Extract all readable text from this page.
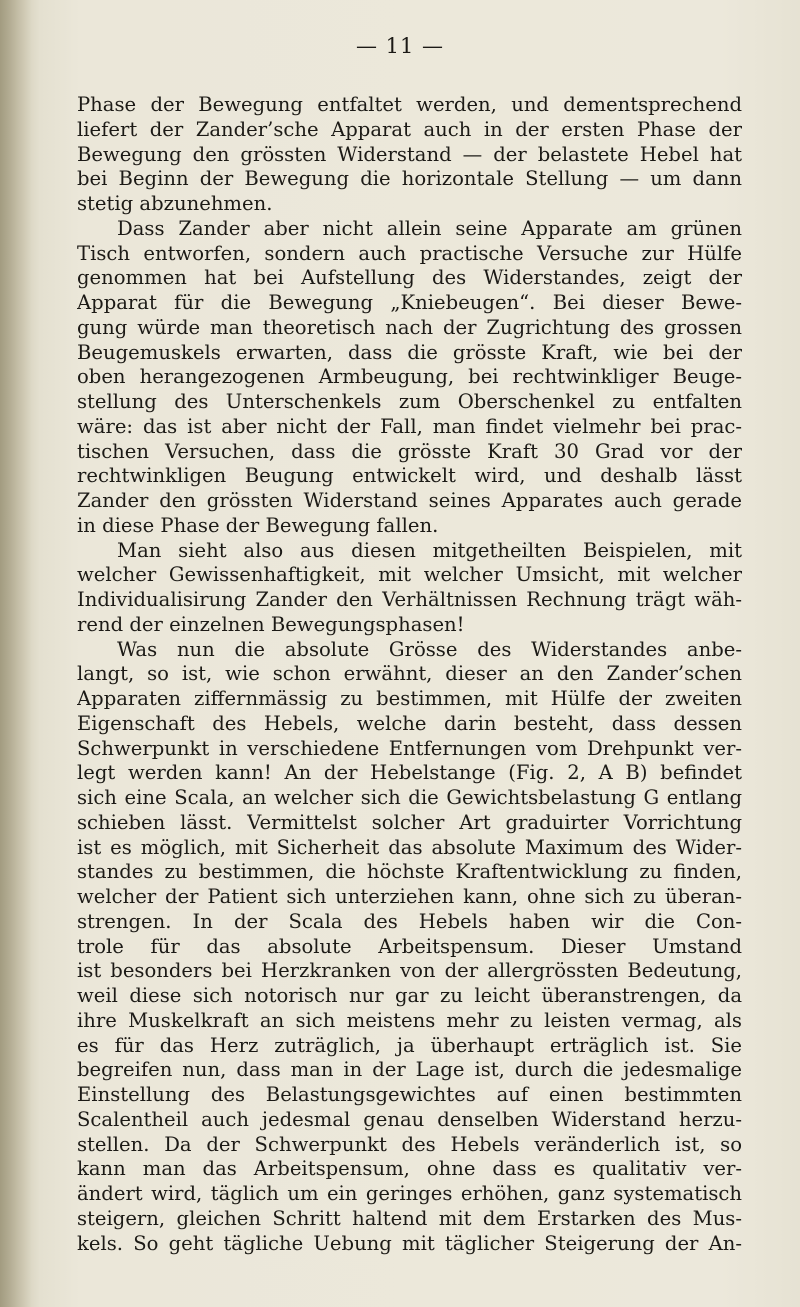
— 11 —
Phase der Bewegung entfaltet werden, und dementsprechend
liefert der Zander’sche Apparat auch in der ersten Phase der
Bewegung den grössten Widerstand — der belastete Hebel hat
bei Beginn der Bewegung die horizontale Stellung — um dann
stetig abzunehmen.
Dass Zander aber nicht allein seine Apparate am grünen
Tisch entworfen, sondern auch practische Versuche zur Hülfe
genommen hat bei Aufstellung des Widerstandes, zeigt der
Apparat für die Bewegung „Kniebeugen“. Bei dieser Bewe-
gung würde man theoretisch nach der Zugrichtung des grossen
Beugemuskels erwarten, dass die grösste Kraft, wie bei der
oben herangezogenen Armbeugung, bei rechtwinkliger Beuge-
stellung des Unterschenkels zum Oberschenkel zu entfalten
wäre: das ist aber nicht der Fall, man findet vielmehr bei prac-
tischen Versuchen, dass die grösste Kraft 30 Grad vor der
rechtwinkligen Beugung entwickelt wird, und deshalb lässt
Zander den grössten Widerstand seines Apparates auch gerade
in diese Phase der Bewegung fallen.
Man sieht also aus diesen mitgetheilten Beispielen, mit
welcher Gewissenhaftigkeit, mit welcher Umsicht, mit welcher
Individualisirung Zander den Verhältnissen Rechnung trägt wäh-
rend der einzelnen Bewegungsphasen!
Was nun die absolute Grösse des Widerstandes anbe-
langt, so ist, wie schon erwähnt, dieser an den Zander’schen
Apparaten ziffernmässig zu bestimmen, mit Hülfe der zweiten
Eigenschaft des Hebels, welche darin besteht, dass dessen
Schwerpunkt in verschiedene Entfernungen vom Drehpunkt ver-
legt werden kann! An der Hebelstange (Fig. 2, A B) befindet
sich eine Scala, an welcher sich die Gewichtsbelastung G entlang
schieben lässt. Vermittelst solcher Art graduirter Vorrichtung
ist es möglich, mit Sicherheit das absolute Maximum des Wider-
standes zu bestimmen, die höchste Kraftentwicklung zu finden,
welcher der Patient sich unterziehen kann, ohne sich zu überan-
strengen. In der Scala des Hebels haben wir die Con-
trole für das absolute Arbeitspensum. Dieser Umstand
ist besonders bei Herzkranken von der allergrössten Bedeutung,
weil diese sich notorisch nur gar zu leicht überanstrengen, da
ihre Muskelkraft an sich meistens mehr zu leisten vermag, als
es für das Herz zuträglich, ja überhaupt erträglich ist. Sie
begreifen nun, dass man in der Lage ist, durch die jedesmalige
Einstellung des Belastungsgewichtes auf einen bestimmten
Scalentheil auch jedesmal genau denselben Widerstand herzu-
stellen. Da der Schwerpunkt des Hebels veränderlich ist, so
kann man das Arbeitspensum, ohne dass es qualitativ ver-
ändert wird, täglich um ein geringes erhöhen, ganz systematisch
steigern, gleichen Schritt haltend mit dem Erstarken des Mus-
kels. So geht tägliche Uebung mit täglicher Steigerung der An-
